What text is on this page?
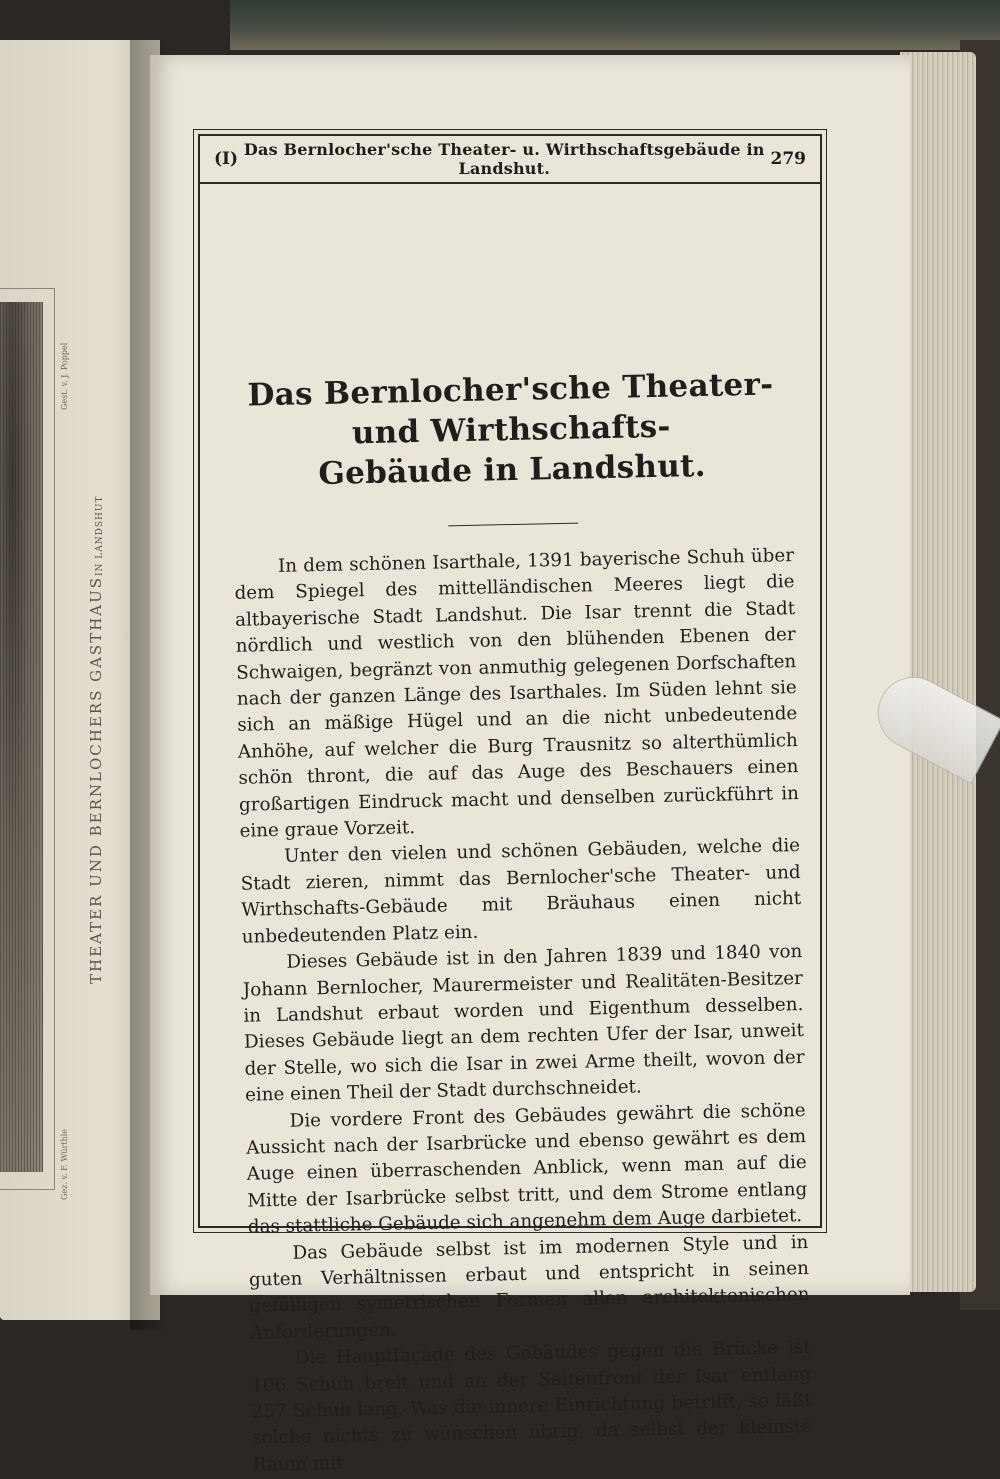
Gest. v. J. Poppel
Gez. v. F. Würthle
THEATER UND BERNLOCHERS GASTHAUS
IN LANDSHUT
(I) Das Bernlocher'sche Theater- u. Wirthschaftsgebäude in Landshut.	279
Das Bernlocher'sche Theater- und Wirthschafts-
Gebäude in Landshut.

In dem schönen Isarthale, 1391 bayerische Schuh über dem Spiegel des mittelländischen Meeres liegt die altbayerische Stadt Landshut. Die Isar trennt die Stadt nördlich und westlich von den blühenden Ebenen der Schwaigen, begränzt von anmuthig gelegenen Dorfschaften nach der ganzen Länge des Isarthales. Im Süden lehnt sie sich an mäßige Hügel und an die nicht unbedeutende Anhöhe, auf welcher die Burg Trausnitz so alterthümlich schön thront, die auf das Auge des Beschauers einen großartigen Eindruck macht und denselben zurückführt in eine graue Vorzeit.

Unter den vielen und schönen Gebäuden, welche die Stadt zieren, nimmt das Bernlocher'sche Theater- und Wirthschafts-Gebäude mit Bräuhaus einen nicht unbedeutenden Platz ein.

Dieses Gebäude ist in den Jahren 1839 und 1840 von Johann Bernlocher, Maurermeister und Realitäten-Besitzer in Landshut erbaut worden und Eigenthum desselben. Dieses Gebäude liegt an dem rechten Ufer der Isar, unweit der Stelle, wo sich die Isar in zwei Arme theilt, wovon der eine einen Theil der Stadt durchschneidet.

Die vordere Front des Gebäudes gewährt die schöne Aussicht nach der Isarbrücke und ebenso gewährt es dem Auge einen überraschenden Anblick, wenn man auf die Mitte der Isarbrücke selbst tritt, und dem Strome entlang das stattliche Gebäude sich angenehm dem Auge darbietet.

Das Gebäude selbst ist im modernen Style und in guten Verhältnissen erbaut und entspricht in seinen gefälligen symetrischen Formen allen architektonischen Anforderungen.

Die Hauptfaçade des Gebäudes gegen die Brücke ist 106 Schuh breit und an der Seitenfront der Isar entlang 257 Schuh lang. Was die innere Einrichtung betrifft, so läßt solche nichts zu wünschen übrig, da selbst der kleinste Raum mit
